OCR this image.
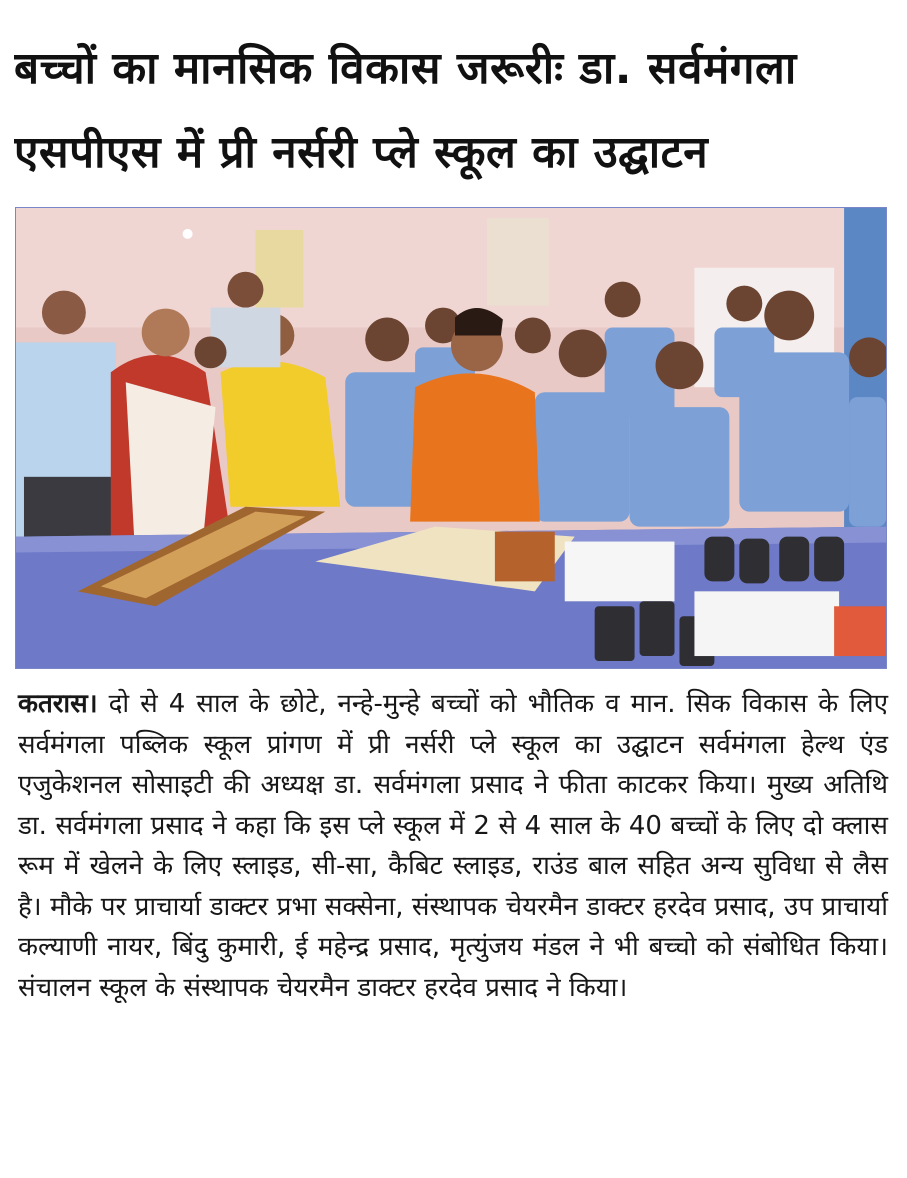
बच्चों का मानसिक विकास जरूरीः डा. सर्वमंगला
एसपीएस में प्री नर्सरी प्ले स्कूल का उद्घाटन
कतरास। दो से 4 साल के छोटे, नन्हे-मुन्हे बच्चों को भौतिक व मान. सिक विकास के लिए सर्वमंगला पब्लिक स्कूल प्रांगण में प्री नर्सरी प्ले स्कूल का उद्घाटन सर्वमंगला हेल्थ एंड एजुकेशनल सोसाइटी की अध्यक्ष डा. सर्वमंगला प्रसाद ने फीता काटकर किया। मुख्य अतिथि डा. सर्वमंगला प्रसाद ने कहा कि इस प्ले स्कूल में 2 से 4 साल के 40 बच्चों के लिए दो क्लास रूम में खेलने के लिए स्लाइड, सी-सा, कैबिट स्लाइड, राउंड बाल सहित अन्य सुविधा से लैस है। मौके पर प्राचार्या डाक्टर प्रभा सक्सेना, संस्थापक चेयरमैन डाक्टर हरदेव प्रसाद, उप प्राचार्या कल्याणी नायर, बिंदु कुमारी, ई महेन्द्र प्रसाद, मृत्युंजय मंडल ने भी बच्चो को संबोधित किया। संचालन स्कूल के संस्थापक चेयरमैन डाक्टर हरदेव प्रसाद ने किया।
